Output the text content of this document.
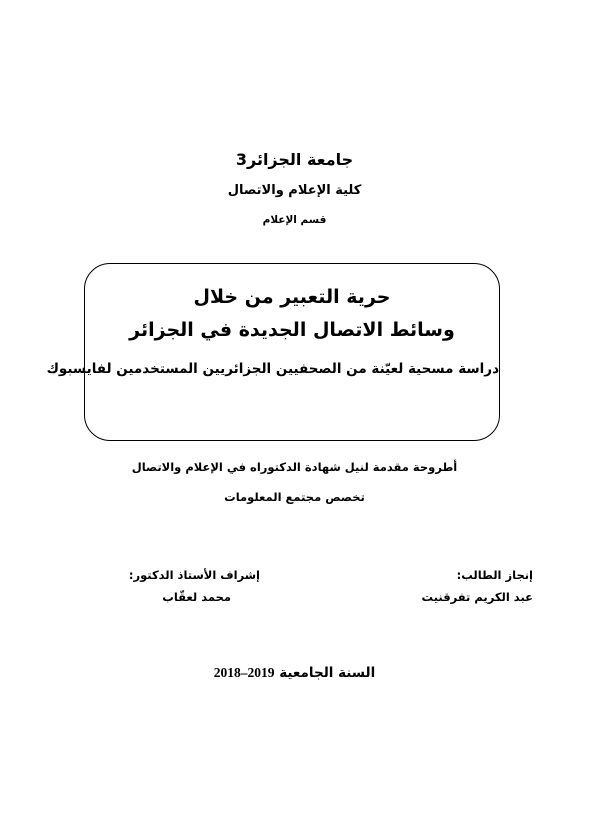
جامعة الجزائر3
كلية الإعلام والاتصال
قسم الإعلام
حرية التعبير من خلال
وسائط الاتصال الجديدة في الجزائر
دراسة مسحية لعيّنة من الصحفيين الجزائريين المستخدمين لفايسبوك
أطروحة مقدمة لنيل شهادة الدكتوراه في الإعلام والاتصال
تخصص مجتمع المعلومات
إنجاز الطالب:
عبد الكريم تفرقنيت
إشراف الأستاذ الدكتور:
محمد لعقّاب
السنة الجامعية 2018–2019
